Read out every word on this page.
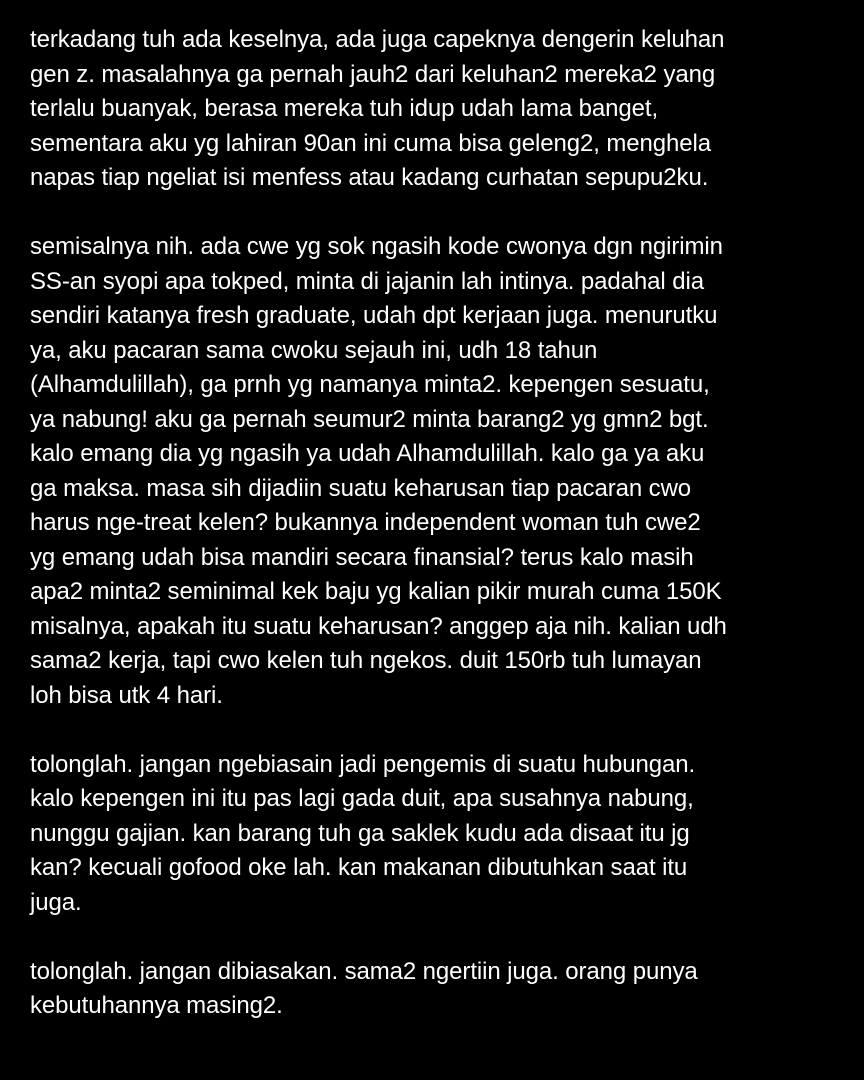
terkadang tuh ada keselnya, ada juga capeknya dengerin keluhan
gen z. masalahnya ga pernah jauh2 dari keluhan2 mereka2 yang
terlalu buanyak, berasa mereka tuh idup udah lama banget,
sementara aku yg lahiran 90an ini cuma bisa geleng2, menghela
napas tiap ngeliat isi menfess atau kadang curhatan sepupu2ku.

semisalnya nih. ada cwe yg sok ngasih kode cwonya dgn ngirimin
SS-an syopi apa tokped, minta di jajanin lah intinya. padahal dia
sendiri katanya fresh graduate, udah dpt kerjaan juga. menurutku
ya, aku pacaran sama cwoku sejauh ini, udh 18 tahun
(Alhamdulillah), ga prnh yg namanya minta2. kepengen sesuatu,
ya nabung! aku ga pernah seumur2 minta barang2 yg gmn2 bgt.
kalo emang dia yg ngasih ya udah Alhamdulillah. kalo ga ya aku
ga maksa. masa sih dijadiin suatu keharusan tiap pacaran cwo
harus nge-treat kelen? bukannya independent woman tuh cwe2
yg emang udah bisa mandiri secara finansial? terus kalo masih
apa2 minta2 seminimal kek baju yg kalian pikir murah cuma 150K
misalnya, apakah itu suatu keharusan? anggep aja nih. kalian udh
sama2 kerja, tapi cwo kelen tuh ngekos. duit 150rb tuh lumayan
loh bisa utk 4 hari.

tolonglah. jangan ngebiasain jadi pengemis di suatu hubungan.
kalo kepengen ini itu pas lagi gada duit, apa susahnya nabung,
nunggu gajian. kan barang tuh ga saklek kudu ada disaat itu jg
kan? kecuali gofood oke lah. kan makanan dibutuhkan saat itu
juga.

tolonglah. jangan dibiasakan. sama2 ngertiin juga. orang punya
kebutuhannya masing2.
